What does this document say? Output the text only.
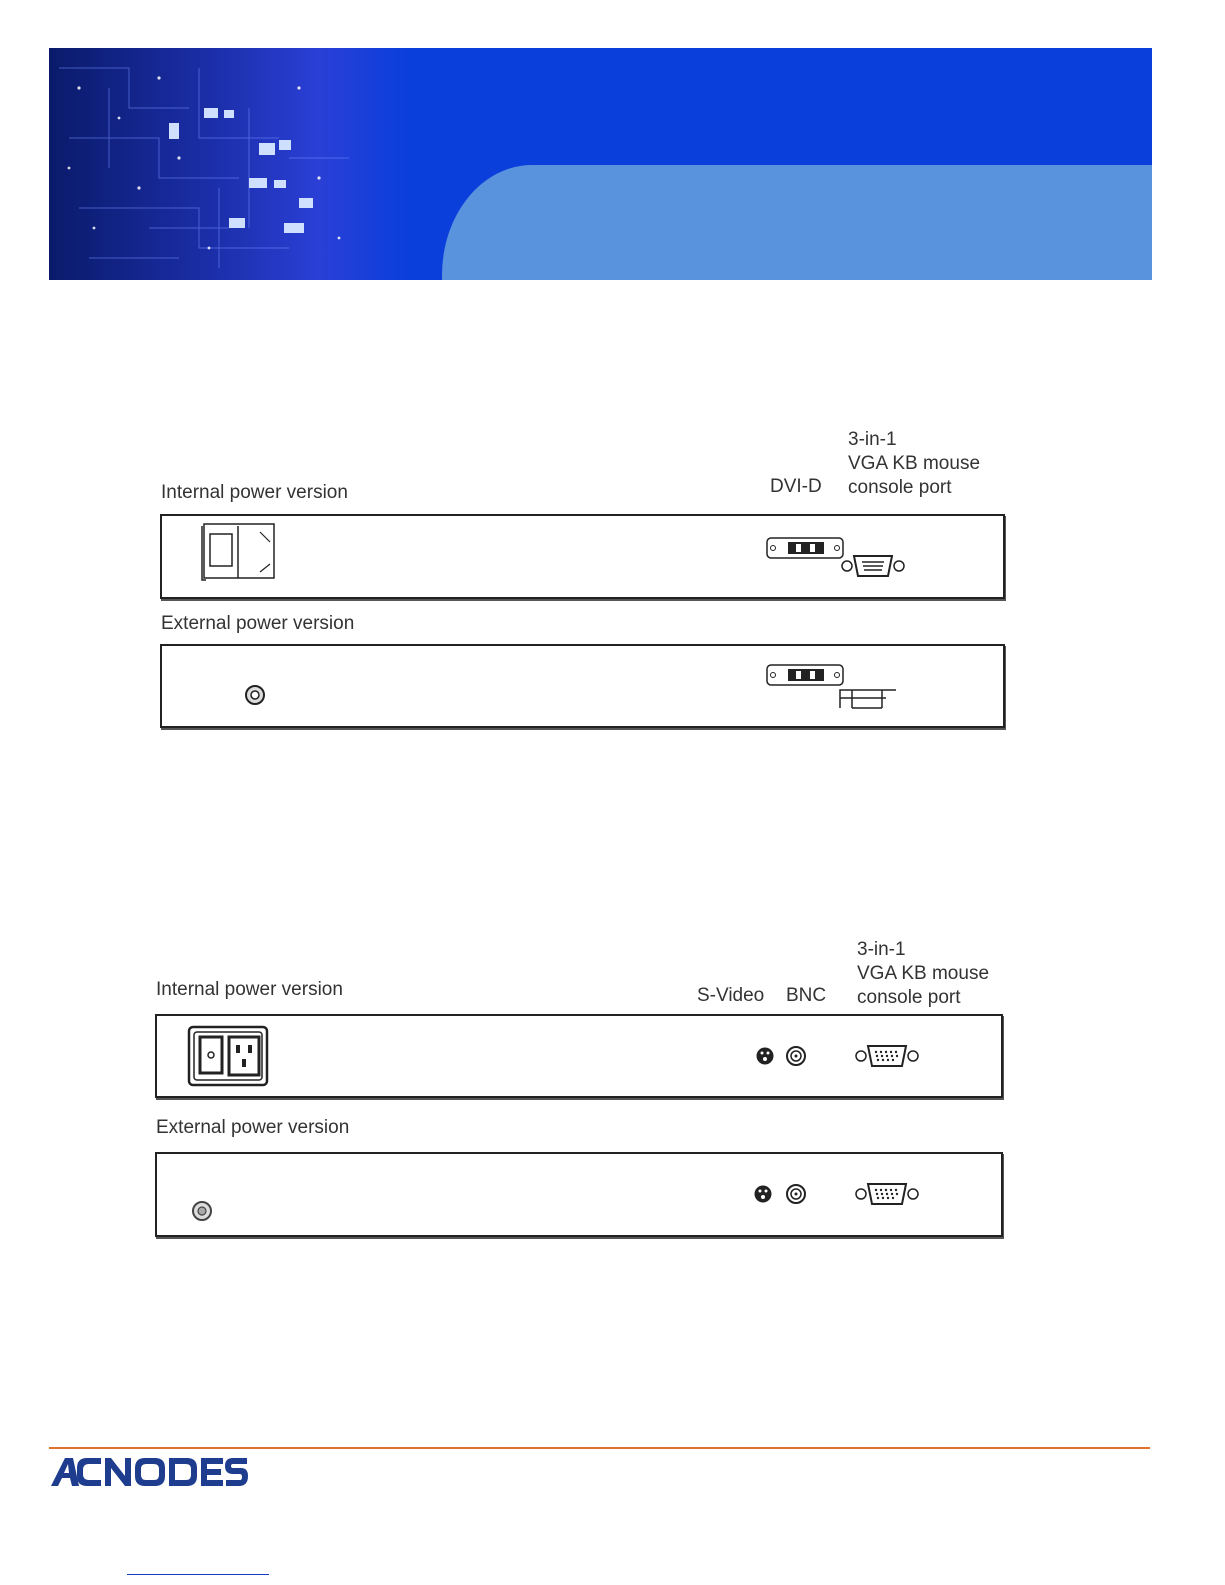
3-in-1
VGA KB mouse
console port
DVI-D
Internal power version
External power version
3-in-1
VGA KB mouse
console port
S-Video BNC
Internal power version
External power version
